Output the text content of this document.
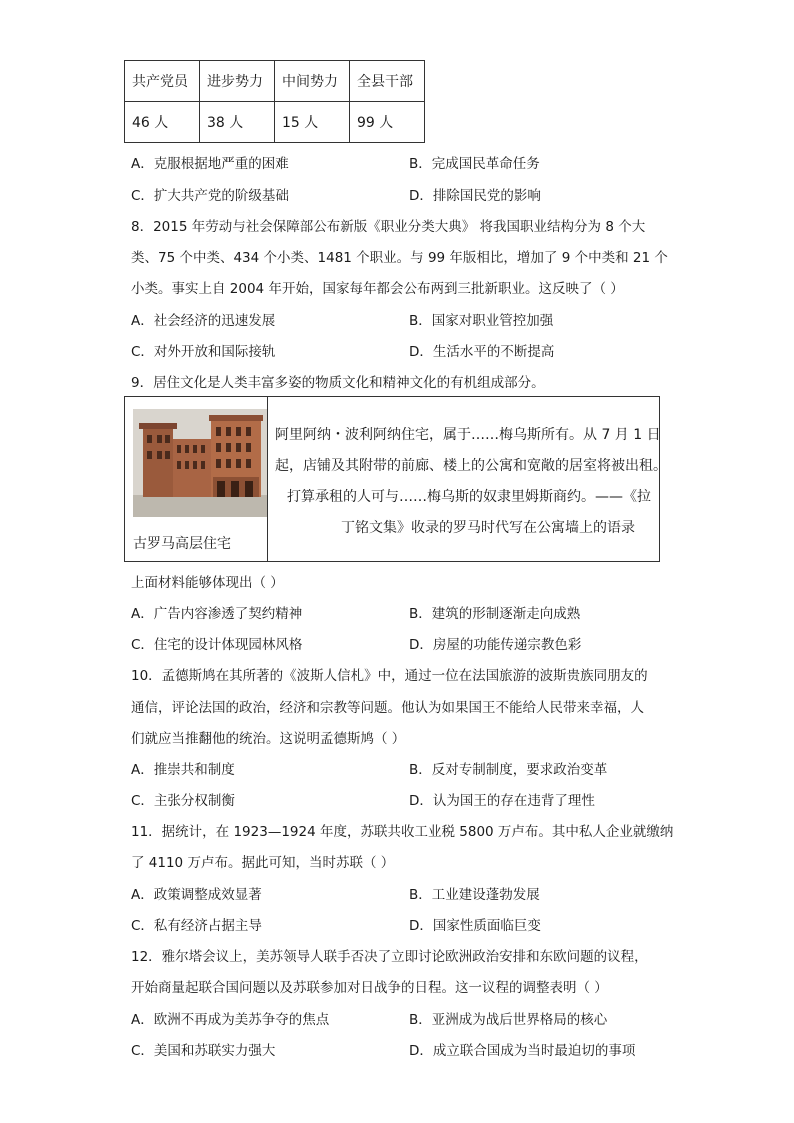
共产党员	进步势力	中间势力	全县干部
46 人	38 人	15 人	99 人
A．克服根据地严重的困难	B．完成国民革命任务
C．扩大共产党的阶级基础	D．排除国民党的影响
8．2015 年劳动与社会保障部公布新版《职业分类大典》 将我国职业结构分为 8 个大
类、75 个中类、434 个小类、1481 个职业。与 99 年版相比，增加了 9 个中类和 21 个
小类。事实上自 2004 年开始，国家每年都会公布两到三批新职业。这反映了（ ）
A．社会经济的迅速发展	B．国家对职业管控加强
C．对外开放和国际接轨	D．生活水平的不断提高
9．居住文化是人类丰富多姿的物质文化和精神文化的有机组成部分。
古罗马高层住宅
阿里阿纳・波利阿纳住宅，属于……梅乌斯所有。从 7 月 1 日
起，店铺及其附带的前廊、楼上的公寓和宽敞的居室将被出租。
打算承租的人可与……梅乌斯的奴隶里姆斯商约。——《拉
丁铭文集》收录的罗马时代写在公寓墙上的语录
上面材料能够体现出（ ）
A．广告内容渗透了契约精神	B．建筑的形制逐渐走向成熟
C．住宅的设计体现园林风格	D．房屋的功能传递宗教色彩
10．孟德斯鸠在其所著的《波斯人信札》中，通过一位在法国旅游的波斯贵族同朋友的
通信，评论法国的政治，经济和宗教等问题。他认为如果国王不能给人民带来幸福，人
们就应当推翻他的统治。这说明孟德斯鸠（ ）
A．推崇共和制度	B．反对专制制度，要求政治变革
C．主张分权制衡	D．认为国王的存在违背了理性
11．据统计，在 1923—1924 年度，苏联共收工业税 5800 万卢布。其中私人企业就缴纳
了 4110 万卢布。据此可知，当时苏联（ ）
A．政策调整成效显著	B．工业建设蓬勃发展
C．私有经济占据主导	D．国家性质面临巨变
12．雅尔塔会议上，美苏领导人联手否决了立即讨论欧洲政治安排和东欧问题的议程，
开始商量起联合国问题以及苏联参加对日战争的日程。这一议程的调整表明（ ）
A．欧洲不再成为美苏争夺的焦点	B．亚洲成为战后世界格局的核心
C．美国和苏联实力强大	D．成立联合国成为当时最迫切的事项
